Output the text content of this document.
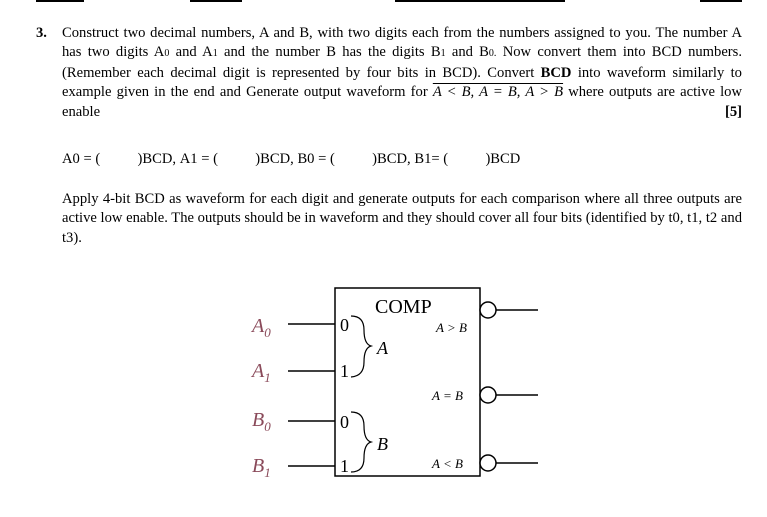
3. Construct two decimal numbers, A and B, with two digits each from the numbers assigned to you. The number A has two digits A0 and A1 and the number B has the digits B1 and B0. Now convert them into BCD numbers. (Remember each decimal digit is represented by four bits in BCD). Convert BCD into waveform similarly to example given in the end and Generate output waveform for A < B, A = B, A > B where outputs are active low enable	[5]
A0 = (	)BCD, A1 = (	)BCD, B0 = (	)BCD, B1= (	)BCD
Apply 4-bit BCD as waveform for each digit and generate outputs for each comparison where all three outputs are active low enable. The outputs should be in waveform and they should cover all four bits (identified by t0, t1, t2 and t3).
COMP
$A_0$
$A_1$
$B_0$
$B_1$
0
1
0
1
A
B
A > B
A = B
A < B
